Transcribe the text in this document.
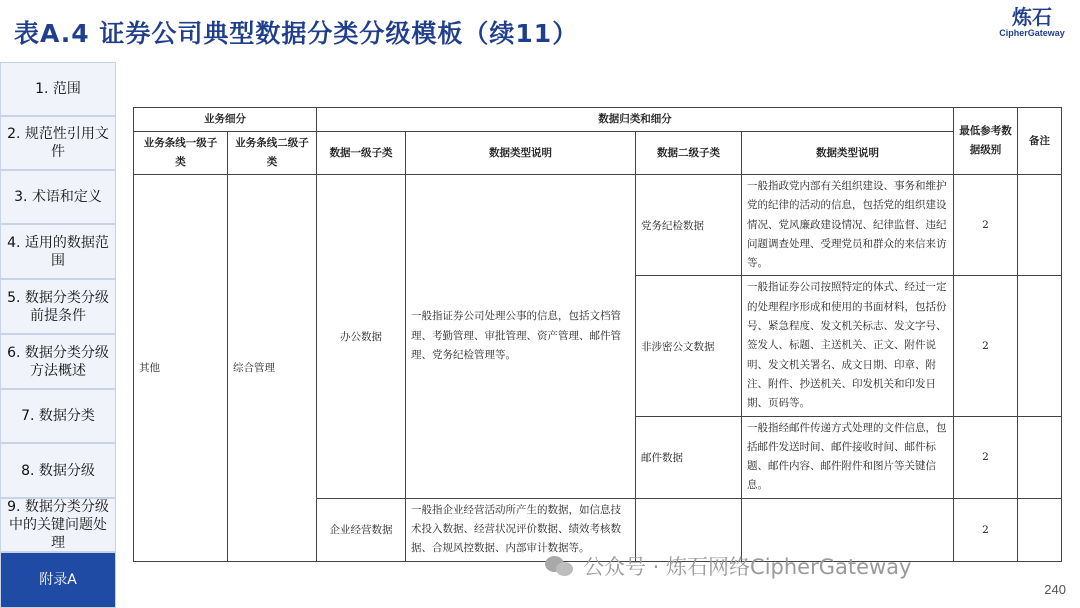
表A.4 证券公司典型数据分类分级模板（续11）
炼石
CipherGateway
1. 范围
2. 规范性引用文件
3. 术语和定义
4. 适用的数据范围
5. 数据分类分级前提条件
6. 数据分类分级方法概述
7. 数据分类
8. 数据分级
9. 数据分类分级中的关键问题处理
附录A
业务细分		数据归类和细分				最低参考数据级别	备注
业务条线一级子类	业务条线二级子类	数据一级子类	数据类型说明	数据二级子类	数据类型说明		
其他	综合管理	办公数据	一般指证券公司处理公事的信息，包括文档管理、考勤管理、审批管理、资产管理、邮件管理、党务纪检管理等。	党务纪检数据	一般指政党内部有关组织建设、事务和维护党的纪律的活动的信息，包括党的组织建设情况、党风廉政建设情况、纪律监督、违纪问题调查处理、受理党员和群众的来信来访等。	2	
				非涉密公文数据	一般指证券公司按照特定的体式、经过一定的处理程序形成和使用的书面材料，包括份号、紧急程度、发文机关标志、发文字号、签发人、标题、主送机关、正文、附件说明、发文机关署名、成文日期、印章、附注、附件、抄送机关、印发机关和印发日期、页码等。	2	
				邮件数据	一般指经邮件传递方式处理的文件信息，包括邮件发送时间、邮件接收时间、邮件标题、邮件内容、邮件附件和图片等关键信息。	2	
		企业经营数据	一般指企业经营活动所产生的数据，如信息技术投入数据、经营状况评价数据、绩效考核数据、合规风控数据、内部审计数据等。			2	
公众号 · 炼石网络CipherGateway
240
